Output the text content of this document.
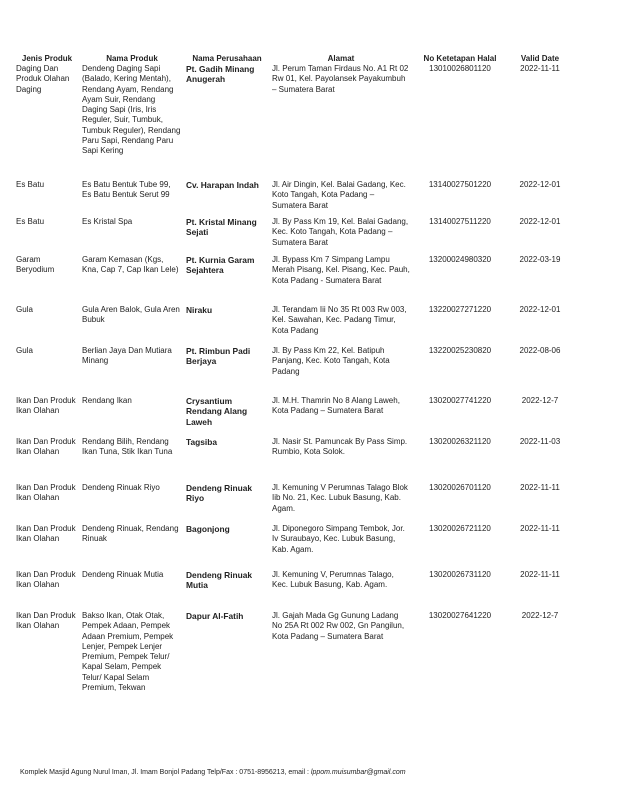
Jenis Produk	Nama Produk	Nama Perusahaan	Alamat	No Ketetapan Halal	Valid Date
Daging Dan Produk Olahan Daging	Dendeng Daging Sapi (Balado, Kering Mentah), Rendang Ayam, Rendang Ayam Suir, Rendang Daging Sapi (Iris, Iris Reguler, Suir, Tumbuk, Tumbuk Reguler), Rendang Paru Sapi, Rendang Paru Sapi Kering	Pt. Gadih Minang Anugerah	Jl. Perum Taman Firdaus No. A1 Rt 02 Rw 01, Kel. Payolansek Payakumbuh – Sumatera Barat	13010026801120	2022-11-11
Es Batu	Es Batu Bentuk Tube 99, Es Batu Bentuk Serut 99	Cv. Harapan Indah	Jl. Air Dingin, Kel. Balai Gadang, Kec. Koto Tangah, Kota Padang – Sumatera Barat	13140027501220	2022-12-01
Es Batu	Es Kristal Spa	Pt. Kristal Minang Sejati	Jl. By Pass Km 19, Kel. Balai Gadang, Kec. Koto Tangah, Kota Padang – Sumatera Barat	13140027511220	2022-12-01
Garam Beryodium	Garam Kemasan (Kgs, Kna, Cap 7, Cap Ikan Lele)	Pt. Kurnia Garam Sejahtera	Jl. Bypass Km 7 Simpang Lampu Merah Pisang, Kel. Pisang, Kec. Pauh, Kota Padang - Sumatera Barat	13200024980320	2022-03-19
Gula	Gula Aren Balok, Gula Aren Bubuk	Niraku	Jl. Terandam Iii No 35 Rt 003 Rw 003, Kel. Sawahan, Kec. Padang Timur, Kota Padang	13220027271220	2022-12-01
Gula	Berlian Jaya Dan Mutiara Minang	Pt. Rimbun Padi Berjaya	Jl. By Pass Km 22, Kel. Batipuh Panjang, Kec. Koto Tangah, Kota Padang	13220025230820	2022-08-06
Ikan Dan Produk Ikan Olahan	Rendang Ikan	Crysantium Rendang Alang Laweh	Jl. M.H. Thamrin No 8 Alang Laweh, Kota Padang – Sumatera Barat	13020027741220	2022-12-7
Ikan Dan Produk Ikan Olahan	Rendang Bilih, Rendang Ikan Tuna, Stik Ikan Tuna	Tagsiba	Jl. Nasir St. Pamuncak By Pass Simp. Rumbio, Kota Solok.	13020026321120	2022-11-03
Ikan Dan Produk Ikan Olahan	Dendeng Rinuak Riyo	Dendeng Rinuak Riyo	Jl. Kemuning V Perumnas Talago Blok Iib No. 21, Kec. Lubuk Basung, Kab. Agam.	13020026701120	2022-11-11
Ikan Dan Produk Ikan Olahan	Dendeng Rinuak, Rendang Rinuak	Bagonjong	Jl. Diponegoro Simpang Tembok, Jor. Iv Suraubayo, Kec. Lubuk Basung, Kab. Agam.	13020026721120	2022-11-11
Ikan Dan Produk Ikan Olahan	Dendeng Rinuak Mutia	Dendeng Rinuak Mutia	Jl. Kemuning V, Perumnas Talago, Kec. Lubuk Basung, Kab. Agam.	13020026731120	2022-11-11
Ikan Dan Produk Ikan Olahan	Bakso Ikan, Otak Otak, Pempek Adaan, Pempek Adaan Premium, Pempek Lenjer, Pempek Lenjer Premium, Pempek Telur/ Kapal Selam, Pempek Telur/ Kapal Selam Premium, Tekwan	Dapur Al-Fatih	Jl. Gajah Mada Gg Gunung Ladang No 25A Rt 002 Rw 002, Gn Pangilun, Kota Padang – Sumatera Barat	13020027641220	2022-12-7
Komplek Masjid Agung Nurul Iman, Jl. Imam Bonjol Padang Telp/Fax : 0751-8956213, email : lppom.muisumbar@gmail.com
